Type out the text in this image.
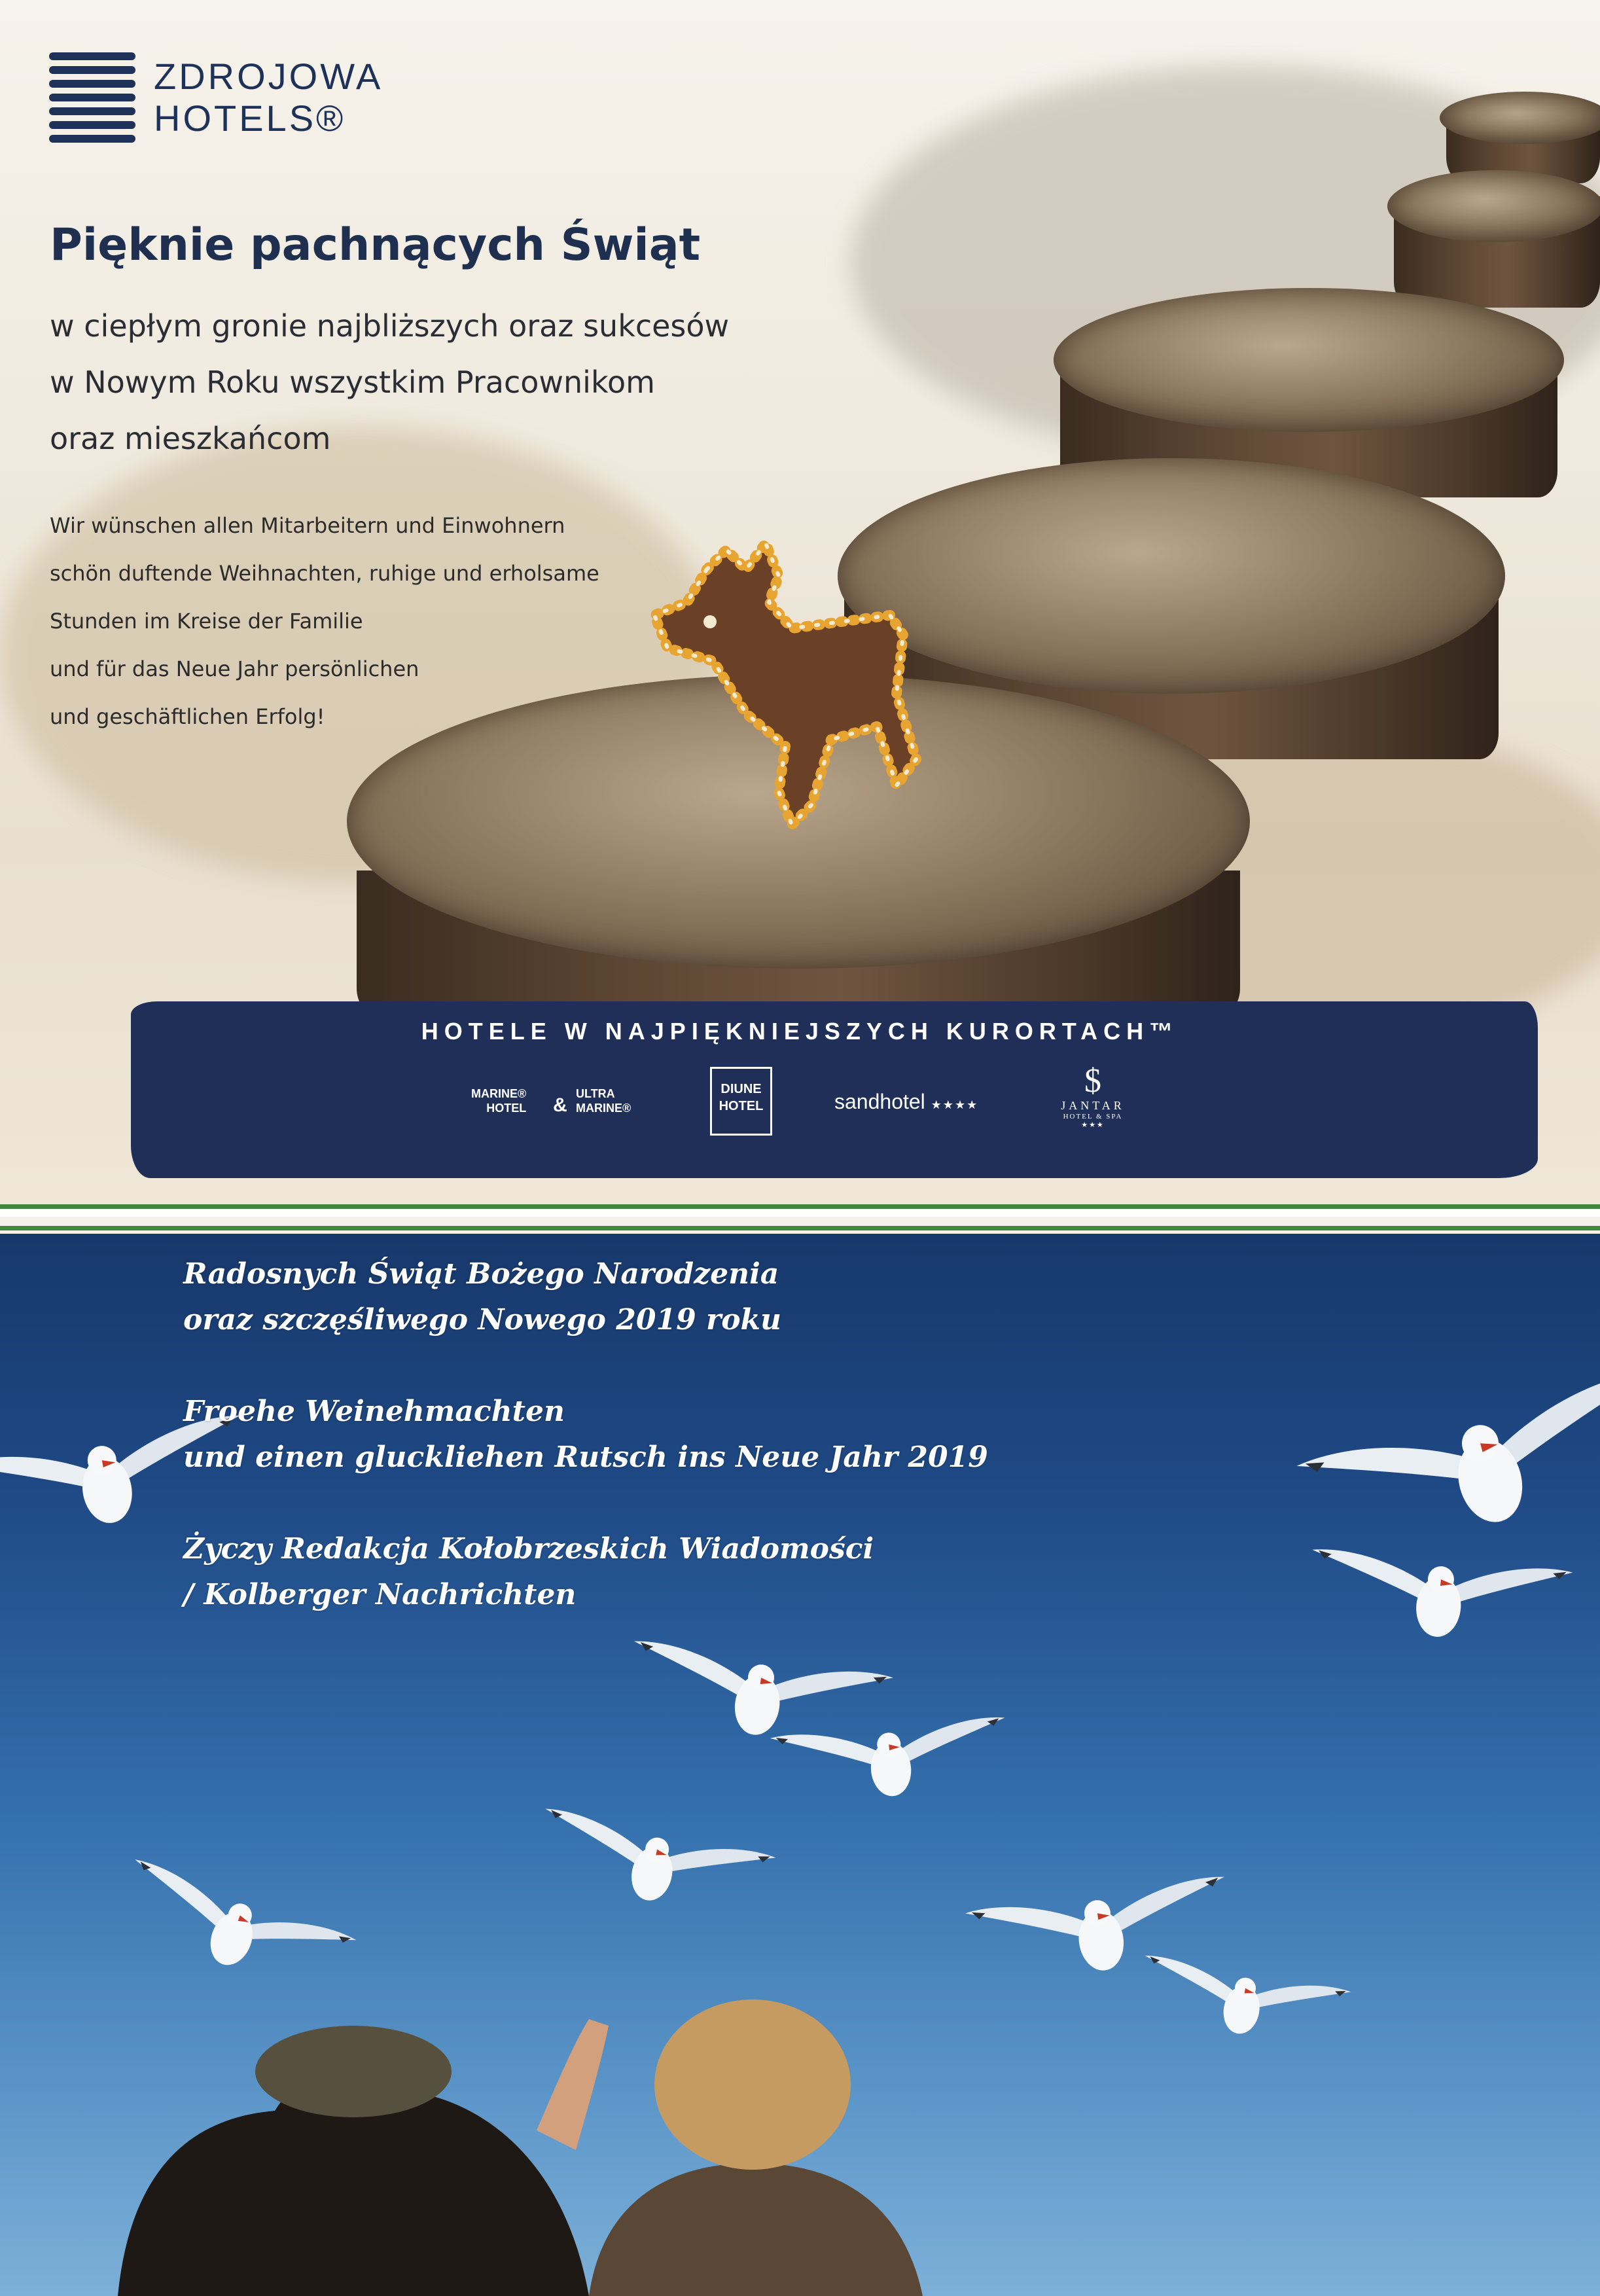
ZDROJOWA
HOTELS®
Pięknie pachnących Świąt
w ciepłym gronie najbliższych oraz sukcesów
w Nowym Roku wszystkim Pracownikom
oraz mieszkańcom
Wir wünschen allen Mitarbeitern und Einwohnern
schön duftende Weihnachten, ruhige und erholsame
Stunden im Kreise der Familie
und für das Neue Jahr persönlichen
und geschäftlichen Erfolg!
HOTELE W NAJPIĘKNIEJSZYCH KURORTACH™
MARINE®
HOTEL &
ULTRA
MARINE®
DIUNE
HOTEL	sandhotel ★★★★
$
JANTAR
HOTEL & SPA
★★★
Radosnych Świąt Bożego Narodzenia
oraz szczęśliwego Nowego 2019 roku
Froehe Weinehmachten
und einen gluckliehen Rutsch ins Neue Jahr 2019
Życzy Redakcja Kołobrzeskich Wiadomości
/ Kolberger Nachrichten
